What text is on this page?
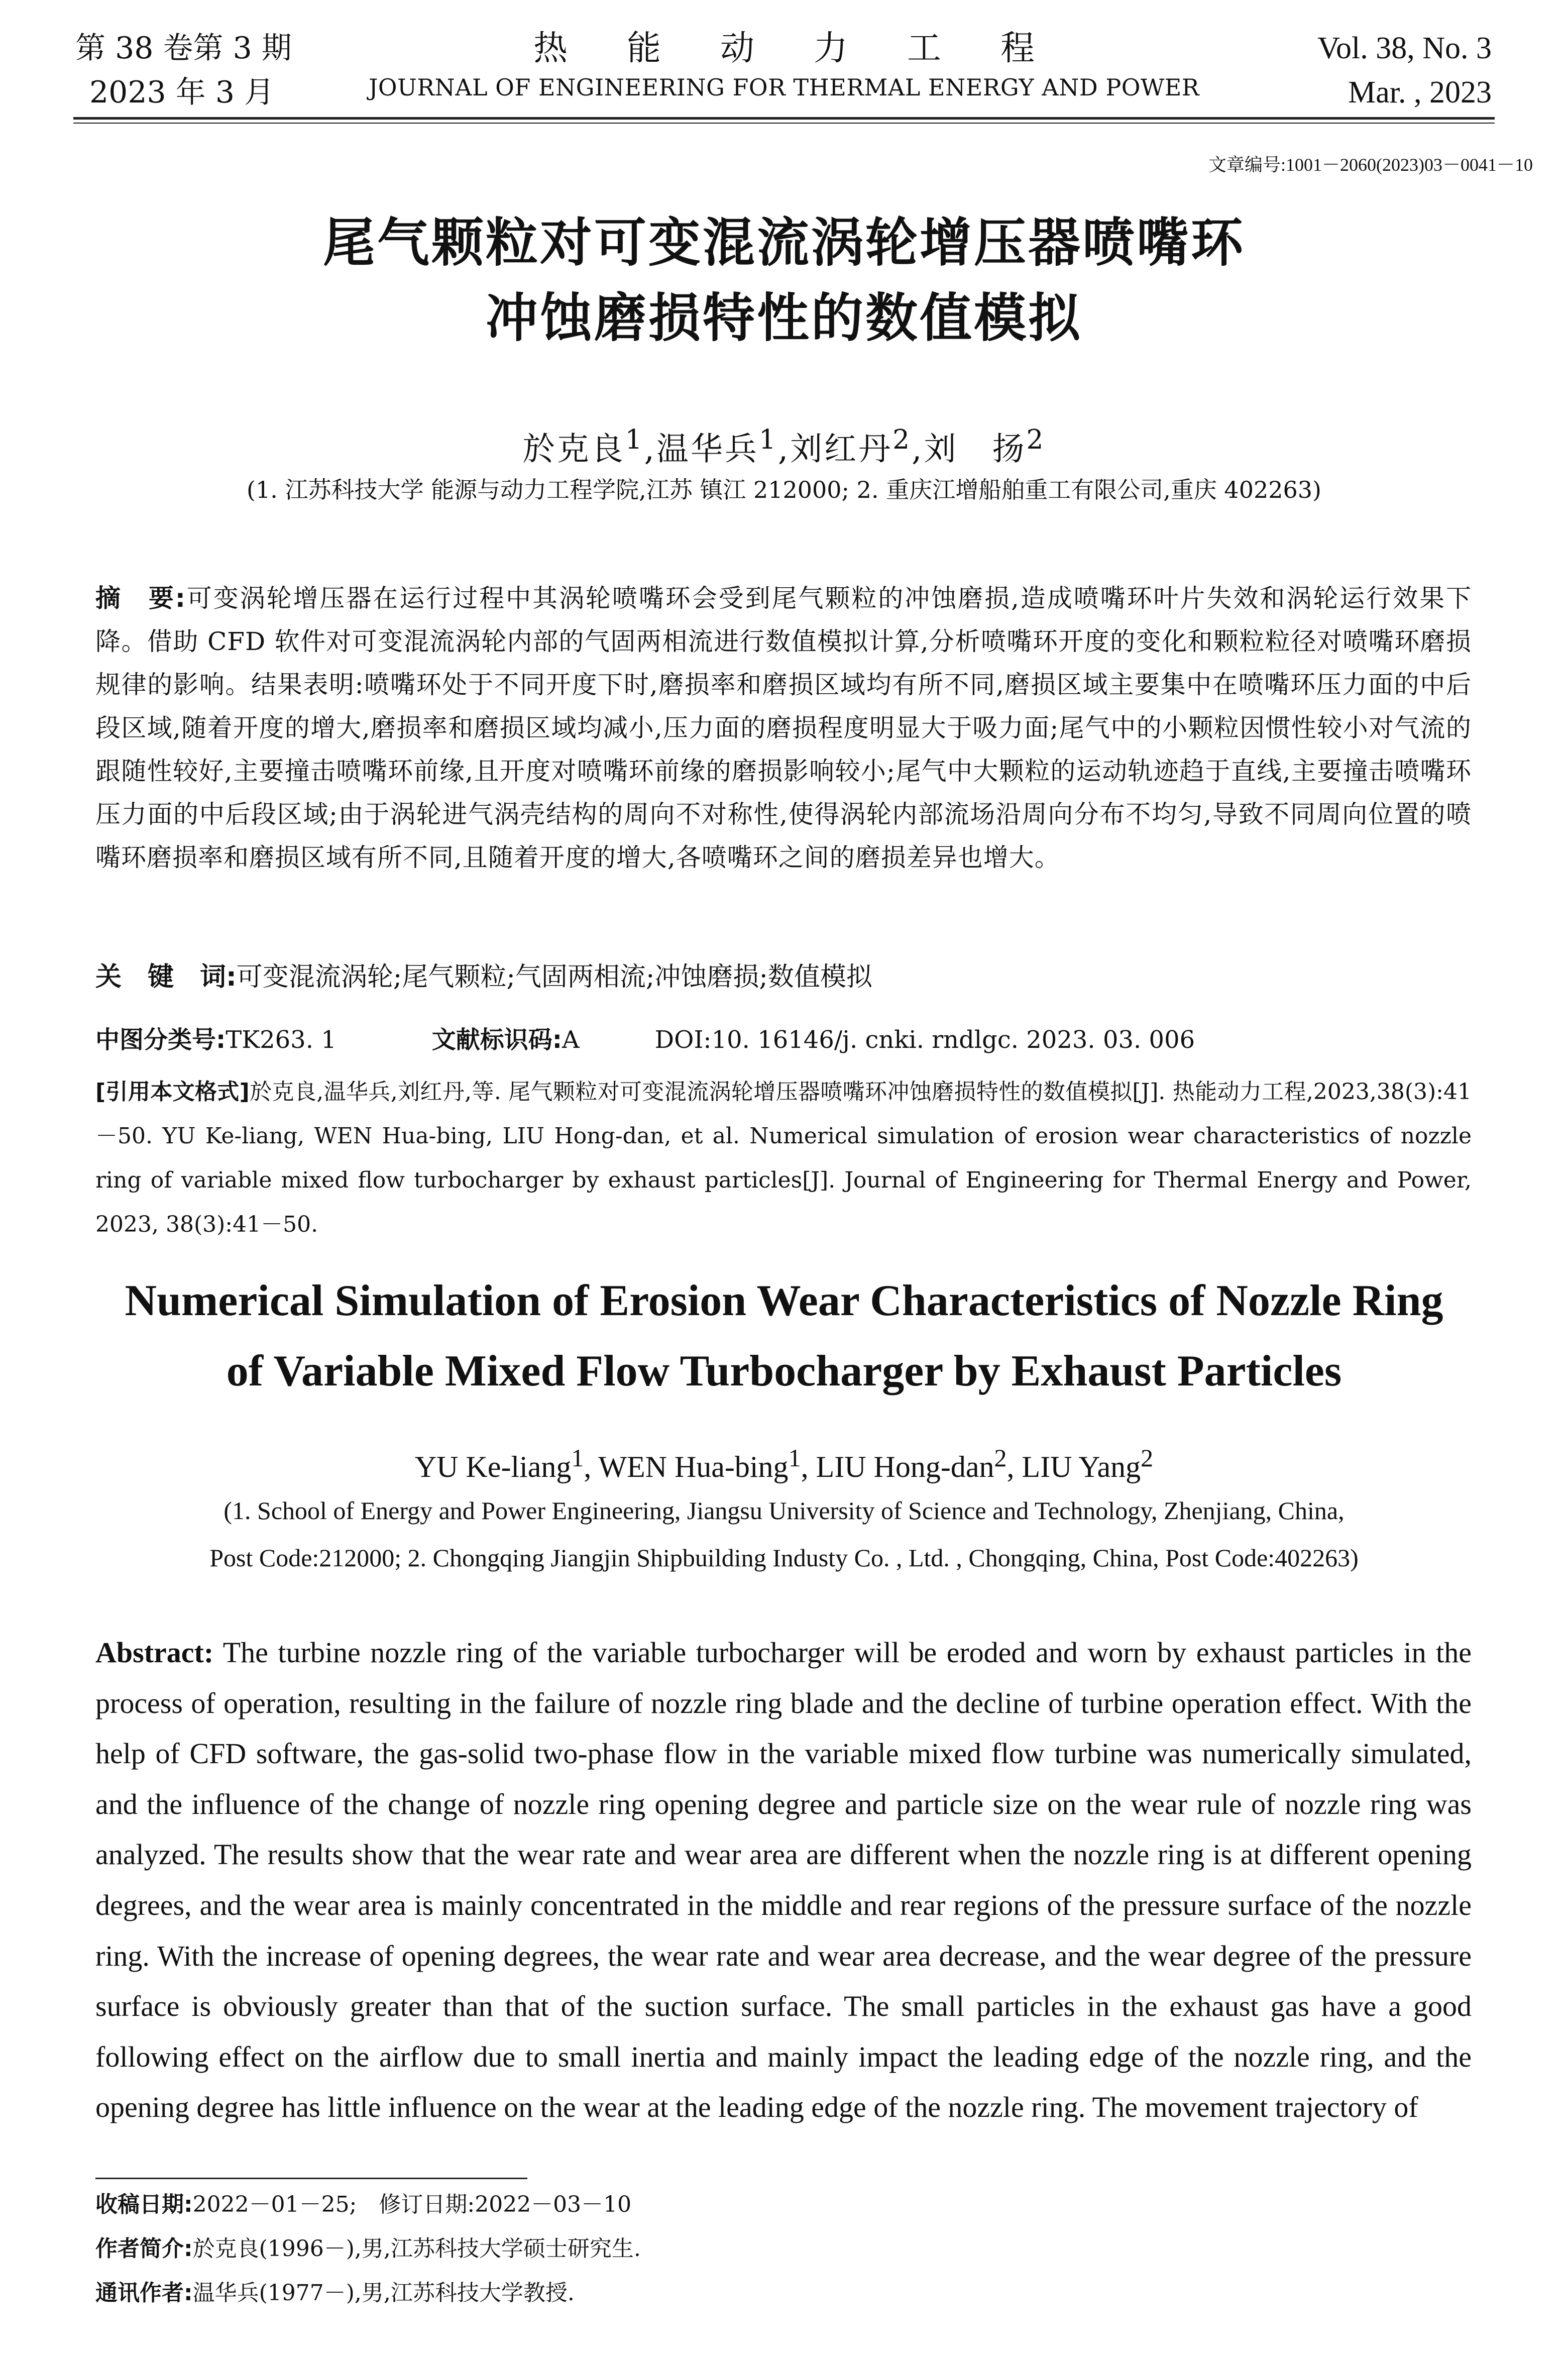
第 38 卷第 3 期
2023 年 3 月
热能动力工程
JOURNAL OF ENGINEERING FOR THERMAL ENERGY AND POWER
Vol. 38, No. 3
Mar. , 2023
文章编号:1001－2060(2023)03－0041－10
尾气颗粒对可变混流涡轮增压器喷嘴环
冲蚀磨损特性的数值模拟
於克良$^1$,温华兵$^1$,刘红丹$^2$,刘　扬$^2$
(1. 江苏科技大学 能源与动力工程学院,江苏 镇江 212000; 2. 重庆江增船舶重工有限公司,重庆 402263)
摘　要:可变涡轮增压器在运行过程中其涡轮喷嘴环会受到尾气颗粒的冲蚀磨损,造成喷嘴环叶片失效和涡轮运行效果下降。借助 CFD 软件对可变混流涡轮内部的气固两相流进行数值模拟计算,分析喷嘴环开度的变化和颗粒粒径对喷嘴环磨损规律的影响。结果表明:喷嘴环处于不同开度下时,磨损率和磨损区域均有所不同,磨损区域主要集中在喷嘴环压力面的中后段区域,随着开度的增大,磨损率和磨损区域均减小,压力面的磨损程度明显大于吸力面;尾气中的小颗粒因惯性较小对气流的跟随性较好,主要撞击喷嘴环前缘,且开度对喷嘴环前缘的磨损影响较小;尾气中大颗粒的运动轨迹趋于直线,主要撞击喷嘴环压力面的中后段区域;由于涡轮进气涡壳结构的周向不对称性,使得涡轮内部流场沿周向分布不均匀,导致不同周向位置的喷嘴环磨损率和磨损区域有所不同,且随着开度的增大,各喷嘴环之间的磨损差异也增大。
关　键　词:可变混流涡轮;尾气颗粒;气固两相流;冲蚀磨损;数值模拟
中图分类号:TK263. 1	文献标识码:A	DOI:10. 16146/j. cnki. rndlgc. 2023. 03. 006
[引用本文格式]於克良,温华兵,刘红丹,等. 尾气颗粒对可变混流涡轮增压器喷嘴环冲蚀磨损特性的数值模拟[J]. 热能动力工程,2023,38(3):41－50. YU Ke-liang, WEN Hua-bing, LIU Hong-dan, et al. Numerical simulation of erosion wear characteristics of nozzle ring of variable mixed flow turbocharger by exhaust particles[J]. Journal of Engineering for Thermal Energy and Power, 2023, 38(3):41－50.
Numerical Simulation of Erosion Wear Characteristics of Nozzle Ring
of Variable Mixed Flow Turbocharger by Exhaust Particles
YU Ke-liang$^1$, WEN Hua-bing$^1$, LIU Hong-dan$^2$, LIU Yang$^2$
(1. School of Energy and Power Engineering, Jiangsu University of Science and Technology, Zhenjiang, China,
Post Code:212000; 2. Chongqing Jiangjin Shipbuilding Industy Co. , Ltd. , Chongqing, China, Post Code:402263)
Abstract: The turbine nozzle ring of the variable turbocharger will be eroded and worn by exhaust particles in the process of operation, resulting in the failure of nozzle ring blade and the decline of turbine operation effect. With the help of CFD software, the gas-solid two-phase flow in the variable mixed flow turbine was numerically simulated, and the influence of the change of nozzle ring opening degree and particle size on the wear rule of nozzle ring was analyzed. The results show that the wear rate and wear area are different when the nozzle ring is at different opening degrees, and the wear area is mainly concentrated in the middle and rear regions of the pressure surface of the nozzle ring. With the increase of opening degrees, the wear rate and wear area decrease, and the wear degree of the pressure surface is obviously greater than that of the suction surface. The small particles in the exhaust gas have a good following effect on the airflow due to small inertia and mainly impact the leading edge of the nozzle ring, and the opening degree has little influence on the wear at the leading edge of the nozzle ring. The movement trajectory of
收稿日期:2022－01－25;　修订日期:2022－03－10
作者简介:於克良(1996－),男,江苏科技大学硕士研究生.
通讯作者:温华兵(1977－),男,江苏科技大学教授.
